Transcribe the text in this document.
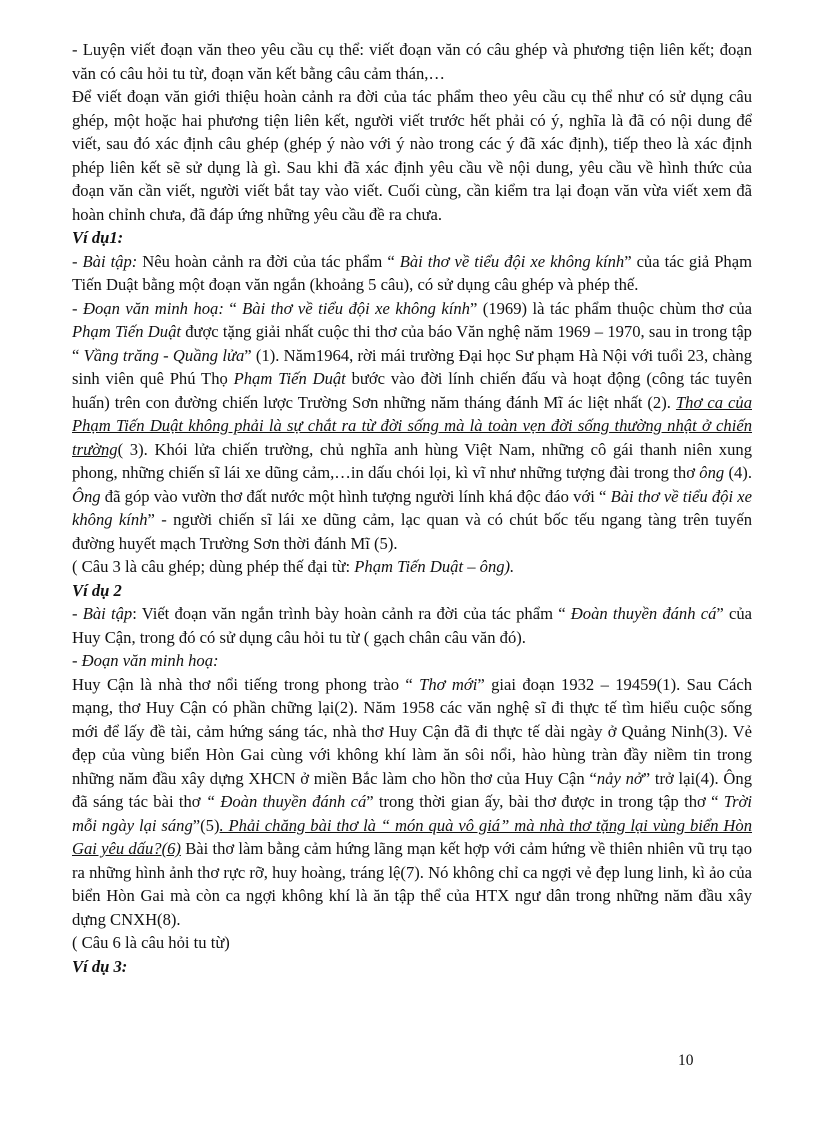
- Luyện viết đoạn văn theo yêu cầu cụ thể: viết đoạn văn có câu ghép và phương tiện liên kết; đoạn văn có câu hỏi tu từ, đoạn văn kết bằng câu cảm thán,…

Để viết đoạn văn giới thiệu hoàn cảnh ra đời của tác phẩm theo yêu cầu cụ thể như có sử dụng câu ghép, một hoặc hai phương tiện liên kết, người viết trước hết phải có ý, nghĩa là đã có nội dung để viết, sau đó xác định câu ghép (ghép ý nào với ý nào trong các ý đã xác định), tiếp theo là xác định phép liên kết sẽ sử dụng là gì. Sau khi đã xác định yêu cầu về nội dung, yêu cầu về hình thức của đoạn văn cần viết, người viết bắt tay vào viết. Cuối cùng, cần kiểm tra lại đoạn văn vừa viết xem đã hoàn chỉnh chưa, đã đáp ứng những yêu cầu đề ra chưa.

Ví dụ1:

- Bài tập: Nêu hoàn cảnh ra đời của tác phẩm “ Bài thơ về tiểu đội xe không kính” của tác giả Phạm Tiến Duật bằng một đoạn văn ngắn (khoảng 5 câu), có sử dụng câu ghép và phép thế.

- Đoạn văn minh hoạ: “ Bài thơ về tiểu đội xe không kính” (1969) là tác phẩm thuộc chùm thơ của Phạm Tiến Duật được tặng giải nhất cuộc thi thơ của báo Văn nghệ năm 1969 – 1970, sau in trong tập “ Vầng trăng - Quầng lửa” (1). Năm1964, rời mái trường Đại học Sư phạm Hà Nội với tuổi 23, chàng sinh viên quê Phú Thọ Phạm Tiến Duật bước vào đời lính chiến đấu và hoạt động (công tác tuyên huấn) trên con đường chiến lược Trường Sơn những năm tháng đánh Mĩ ác liệt nhất (2). Thơ ca của Phạm Tiến Duật không phải là sự chắt ra từ đời sống mà là toàn vẹn đời sống thường nhật ở chiến trường( 3). Khói lửa chiến trường, chủ nghĩa anh hùng Việt Nam, những cô gái thanh niên xung phong, những chiến sĩ lái xe dũng cảm,…in dấu chói lọi, kì vĩ như những tượng đài trong thơ ông (4). Ông đã góp vào vườn thơ đất nước một hình tượng người lính khá độc đáo với “ Bài thơ về tiểu đội xe không kính” - người chiến sĩ lái xe dũng cảm, lạc quan và có chút bốc tếu ngang tàng trên tuyến đường huyết mạch Trường Sơn thời đánh Mĩ (5).

( Câu 3 là câu ghép; dùng phép thế đại từ: Phạm Tiến Duật – ông).

Ví dụ 2

- Bài tập: Viết đoạn văn ngắn trình bày hoàn cảnh ra đời của tác phẩm “ Đoàn thuyền đánh cá” của Huy Cận, trong đó có sử dụng câu hỏi tu từ ( gạch chân câu văn đó).

- Đoạn văn minh hoạ:

Huy Cận là nhà thơ nổi tiếng trong phong trào “ Thơ mới” giai đoạn 1932 – 19459(1). Sau Cách mạng, thơ Huy Cận có phần chững lại(2). Năm 1958 các văn nghệ sĩ đi thực tế tìm hiểu cuộc sống mới để lấy đề tài, cảm hứng sáng tác, nhà thơ Huy Cận đã đi thực tế dài ngày ở Quảng Ninh(3). Vẻ đẹp của vùng biển Hòn Gai cùng với không khí làm ăn sôi nổi, hào hùng tràn đầy niềm tin trong những năm đầu xây dựng XHCN ở miền Bắc làm cho hồn thơ của Huy Cận “nảy nở” trở lại(4). Ông đã sáng tác bài thơ “ Đoàn thuyền đánh cá” trong thời gian ấy, bài thơ được in trong tập thơ “ Trời mỗi ngày lại sáng”(5). Phải chăng bài thơ là “ món quà vô giá” mà nhà thơ tặng lại vùng biển Hòn Gai yêu dấu?(6) Bài thơ làm bằng cảm hứng lãng mạn kết hợp với cảm hứng về thiên nhiên vũ trụ tạo ra những hình ảnh thơ rực rỡ, huy hoàng, tráng lệ(7). Nó không chỉ ca ngợi vẻ đẹp lung linh, kì ảo của biển Hòn Gai mà còn ca ngợi không khí là ăn tập thể của HTX ngư dân trong những năm đầu xây dựng CNXH(8).

( Câu 6 là câu hỏi tu từ)

Ví dụ 3:

10
